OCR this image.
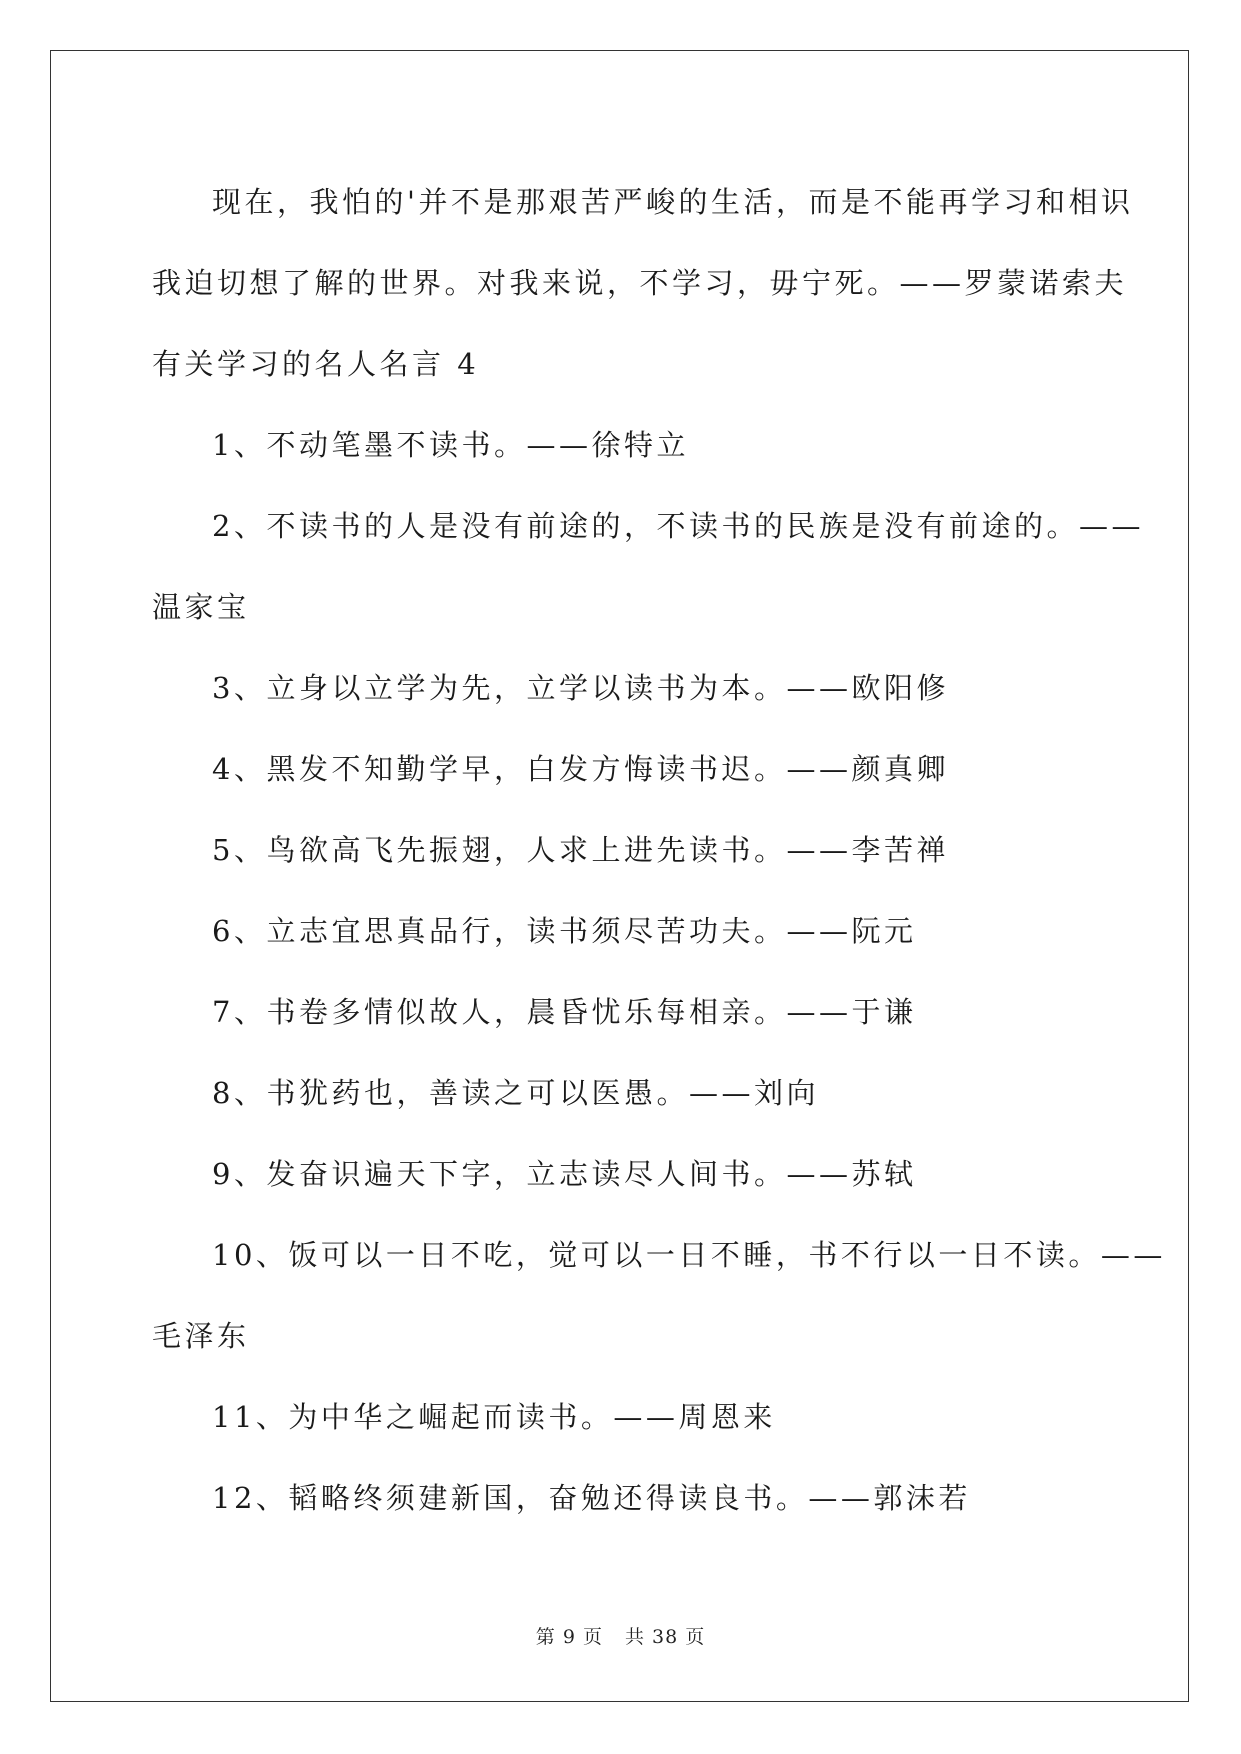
现在，我怕的'并不是那艰苦严峻的生活，而是不能再学习和相识

我迫切想了解的世界。对我来说，不学习，毋宁死。——罗蒙诺索夫

有关学习的名人名言 4

1、不动笔墨不读书。——徐特立

2、不读书的人是没有前途的，不读书的民族是没有前途的。——

温家宝

3、立身以立学为先，立学以读书为本。——欧阳修

4、黑发不知勤学早，白发方悔读书迟。——颜真卿

5、鸟欲高飞先振翅，人求上进先读书。——李苦禅

6、立志宜思真品行，读书须尽苦功夫。——阮元

7、书卷多情似故人，晨昏忧乐每相亲。——于谦

8、书犹药也，善读之可以医愚。——刘向

9、发奋识遍天下字，立志读尽人间书。——苏轼

10、饭可以一日不吃，觉可以一日不睡，书不行以一日不读。——

毛泽东

11、为中华之崛起而读书。——周恩来

12、韬略终须建新国，奋勉还得读良书。——郭沫若

第 9 页 共 38 页
